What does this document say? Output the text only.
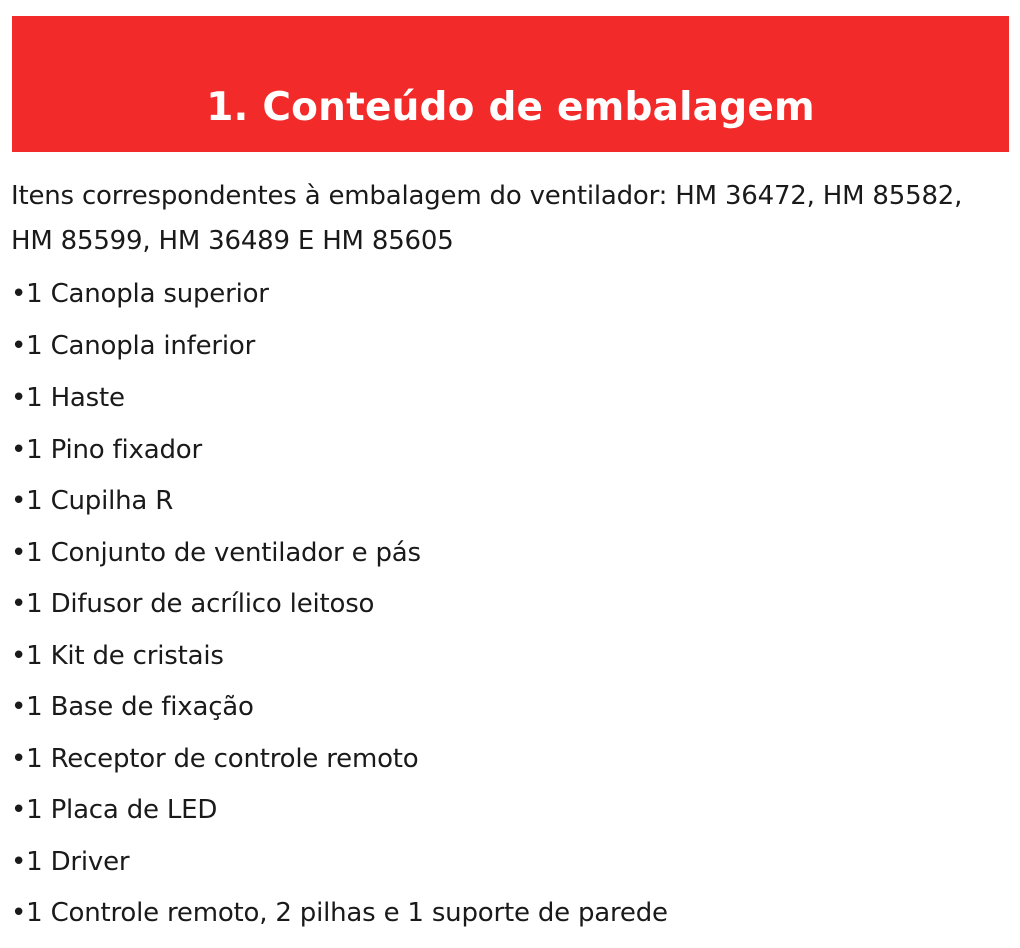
1. Conteúdo de embalagem
Itens correspondentes à embalagem do ventilador: HM 36472, HM 85582, HM 85599, HM 36489 E HM 85605
•1 Canopla superior
•1 Canopla inferior
•1 Haste
•1 Pino fixador
•1 Cupilha R
•1 Conjunto de ventilador e pás
•1 Difusor de acrílico leitoso
•1 Kit de cristais
•1 Base de fixação
•1 Receptor de controle remoto
•1 Placa de LED
•1 Driver
•1 Controle remoto, 2 pilhas e 1 suporte de parede
